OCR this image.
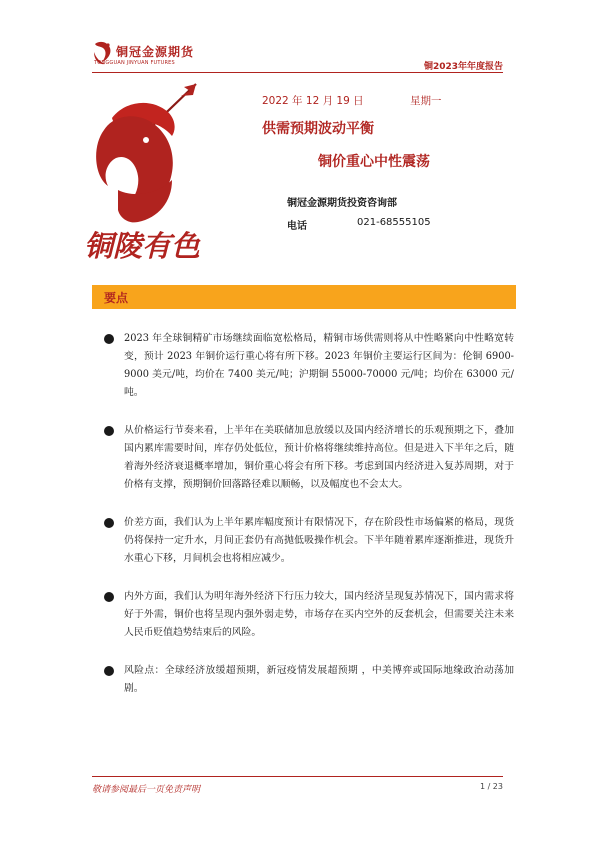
铜冠金源期货
TONGGUAN JINYUAN FUTURES	铜2023年年度报告
铜陵有色
2022 年 12 月 19 日	星期一
供需预期波动平衡
铜价重心中性震荡
铜冠金源期货投资咨询部
电话	021-68555105
要点
2023 年全球铜精矿市场继续面临宽松格局，精铜市场供需则将从中性略紧向中性略宽转变，预计 2023 年铜价运行重心将有所下移。2023 年铜价主要运行区间为：伦铜 6900-9000 美元/吨，均价在 7400 美元/吨；沪期铜 55000-70000 元/吨；均价在 63000 元/吨。
从价格运行节奏来看，上半年在美联储加息放缓以及国内经济增长的乐观预期之下，叠加国内累库需要时间，库存仍处低位，预计价格将继续维持高位。但是进入下半年之后，随着海外经济衰退概率增加，铜价重心将会有所下移。考虑到国内经济进入复苏周期，对于价格有支撑，预期铜价回落路径难以顺畅，以及幅度也不会太大。
价差方面，我们认为上半年累库幅度预计有限情况下，存在阶段性市场偏紧的格局，现货仍将保持一定升水，月间正套仍有高抛低吸操作机会。下半年随着累库逐渐推进，现货升水重心下移，月间机会也将相应减少。
内外方面，我们认为明年海外经济下行压力较大，国内经济呈现复苏情况下，国内需求将好于外需，铜价也将呈现内强外弱走势，市场存在买内空外的反套机会，但需要关注未来人民币贬值趋势结束后的风险。
风险点：全球经济放缓超预期，新冠疫情发展超预期 ，中美博弈或国际地缘政治动荡加剧。
敬请参阅最后一页免责声明	1 / 23
